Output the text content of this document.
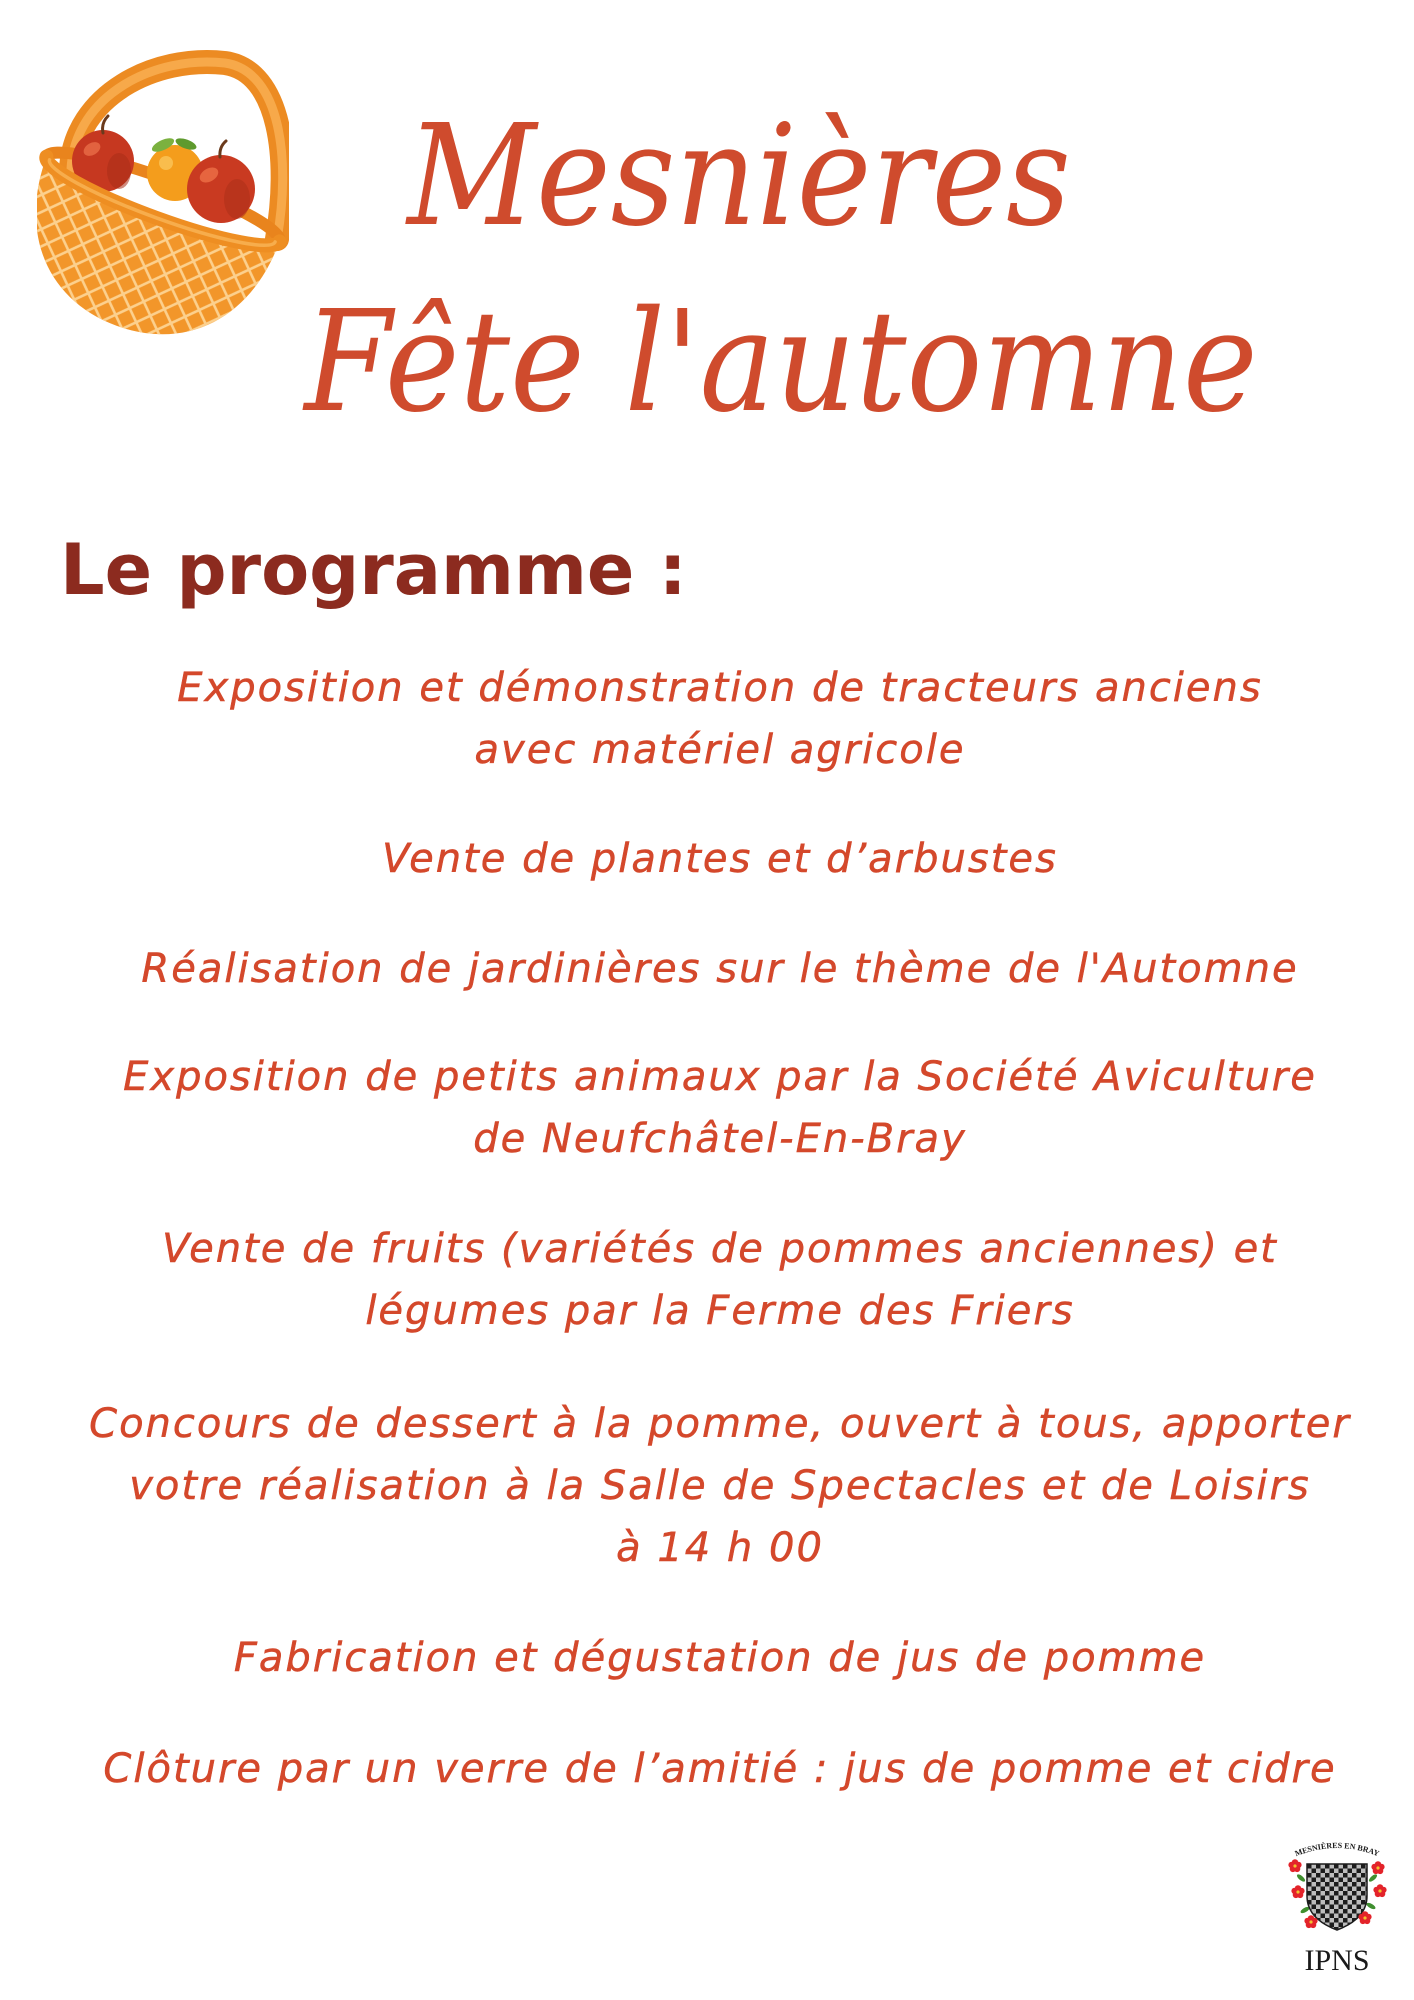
Mesnières
Fête l'automne
Le programme :
Exposition et démonstration de tracteurs anciens
avec matériel agricole
Vente de plantes et d’arbustes
Réalisation de jardinières sur le thème de l'Automne
Exposition de petits animaux par la Société Aviculture
de Neufchâtel-En-Bray
Vente de fruits (variétés de pommes anciennes) et
légumes par la Ferme des Friers
Concours de dessert à la pomme, ouvert à tous, apporter
votre réalisation à la Salle de Spectacles et de Loisirs
à 14 h 00
Fabrication et dégustation de jus de pomme
Clôture par un verre de l’amitié : jus de pomme et cidre
MESNIÈRES EN BRAY
IPNS
